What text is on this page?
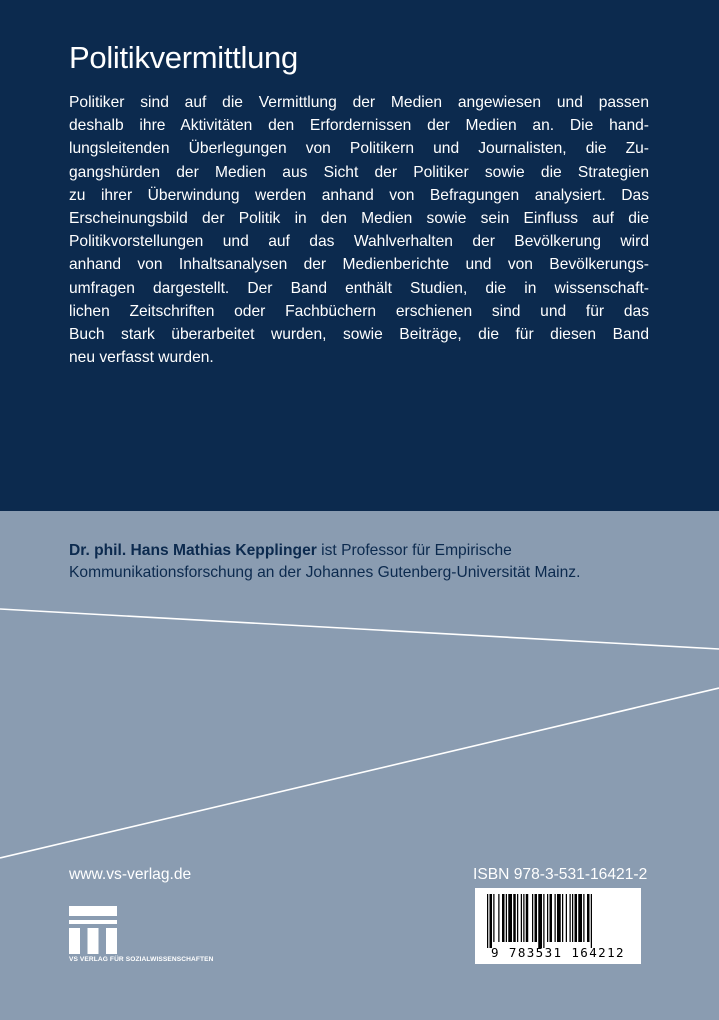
Politikvermittlung
Politiker sind auf die Vermittlung der Medien angewiesen und passen
deshalb ihre Aktivitäten den Erfordernissen der Medien an. Die hand-
lungsleitenden Überlegungen von Politikern und Journalisten, die Zu-
gangshürden der Medien aus Sicht der Politiker sowie die Strategien
zu ihrer Überwindung werden anhand von Befragungen analysiert. Das
Erscheinungsbild der Politik in den Medien sowie sein Einfluss auf die
Politikvorstellungen und auf das Wahlverhalten der Bevölkerung wird
anhand von Inhaltsanalysen der Medienberichte und von Bevölkerungs-
umfragen dargestellt. Der Band enthält Studien, die in wissenschaft-
lichen Zeitschriften oder Fachbüchern erschienen sind und für das
Buch stark überarbeitet wurden, sowie Beiträge, die für diesen Band
neu verfasst wurden.

Dr. phil. Hans Mathias Kepplinger ist Professor für Empirische Kommunikationsforschung an der Johannes Gutenberg-Universität Mainz.

www.vs-verlag.de	ISBN 978-3-531-16421-2
VS VERLAG FÜR SOZIALWISSENSCHAFTEN	9 783531 164212
